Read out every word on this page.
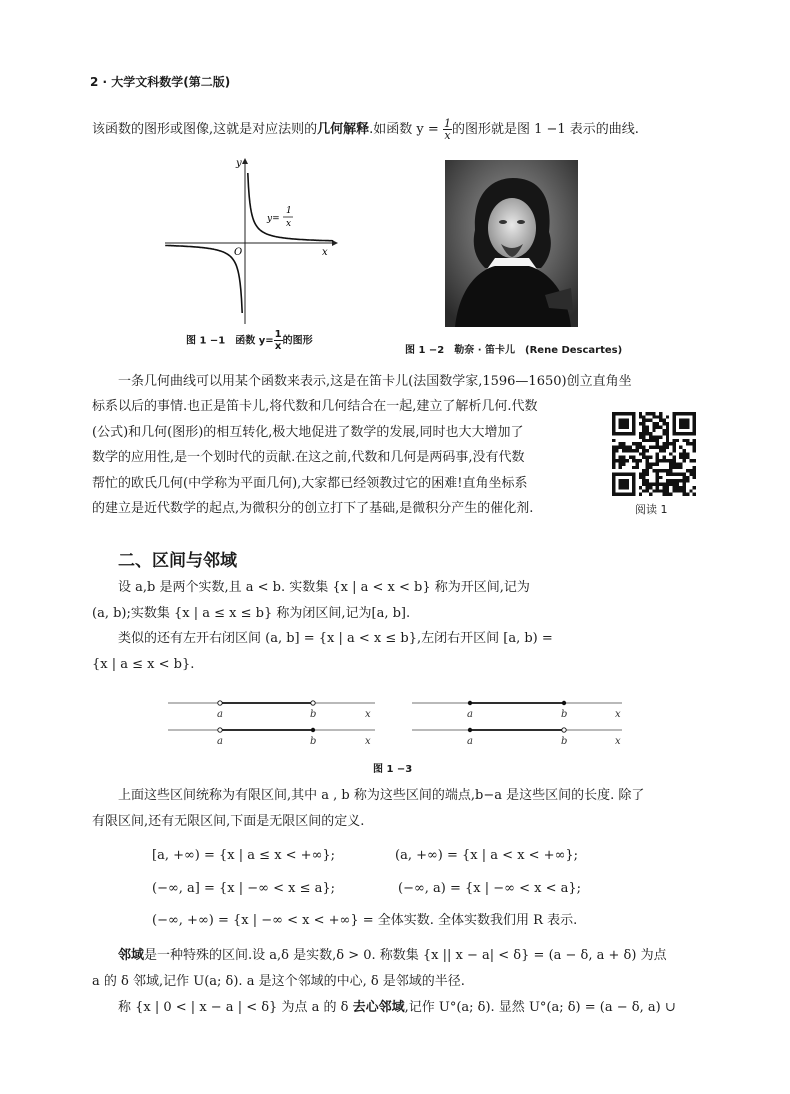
2 · 大学文科数学(第二版)
该函数的图形或图像,这就是对应法则的几何解释.如函数 $y = \frac{1}{x}$ 的图形就是图 1 −1 表示的曲线.
y
x
O
y=
1
x
图 1 −1　函数 $y= \frac{1}{x}$ 的图形
图 1 −2　勒奈 · 笛卡儿　(Rene Descartes)
一条几何曲线可以用某个函数来表示,这是在笛卡儿(法国数学家,1596—1650)创立直角坐
标系以后的事情.也正是笛卡儿,将代数和几何结合在一起,建立了解析几何.代数
(公式)和几何(图形)的相互转化,极大地促进了数学的发展,同时也大大增加了
数学的应用性,是一个划时代的贡献.在这之前,代数和几何是两码事,没有代数
帮忙的欧氏几何(中学称为平面几何),大家都已经领教过它的困难!直角坐标系
的建立是近代数学的起点,为微积分的创立打下了基础,是微积分产生的催化剂.	阅读 1
二、区间与邻域
设 a,b 是两个实数,且 a < b. 实数集 {x | a < x < b} 称为开区间,记为
(a, b);实数集 {x | a ≤ x ≤ b} 称为闭区间,记为[a, b].
类似的还有左开右闭区间 (a, b] = {x | a < x ≤ b},左闭右开区间 [a, b) =
{x | a ≤ x < b}.
a	b	x	a	b	x
a	b	x	a	b	x
图 1 −3
上面这些区间统称为有限区间,其中 a , b 称为这些区间的端点,b−a 是这些区间的长度. 除了
有限区间,还有无限区间,下面是无限区间的定义.
[a, +∞) = {x | a ≤ x < +∞};	(a, +∞) = {x | a < x < +∞};
(−∞, a] = {x | −∞ < x ≤ a};	(−∞, a) = {x | −∞ < x < a};
(−∞, +∞) = {x | −∞ < x < +∞} = 全体实数. 全体实数我们用 R 表示.
邻域是一种特殊的区间.设 a,δ 是实数,δ > 0. 称数集 {x || x − a| < δ} = (a − δ, a + δ) 为点
a 的 δ 邻域,记作 U(a; δ). a 是这个邻域的中心, δ 是邻域的半径.
称 {x | 0 < | x − a | < δ} 为点 a 的 δ 去心邻域,记作 U°(a; δ). 显然 U°(a; δ) = (a − δ, a) ∪
